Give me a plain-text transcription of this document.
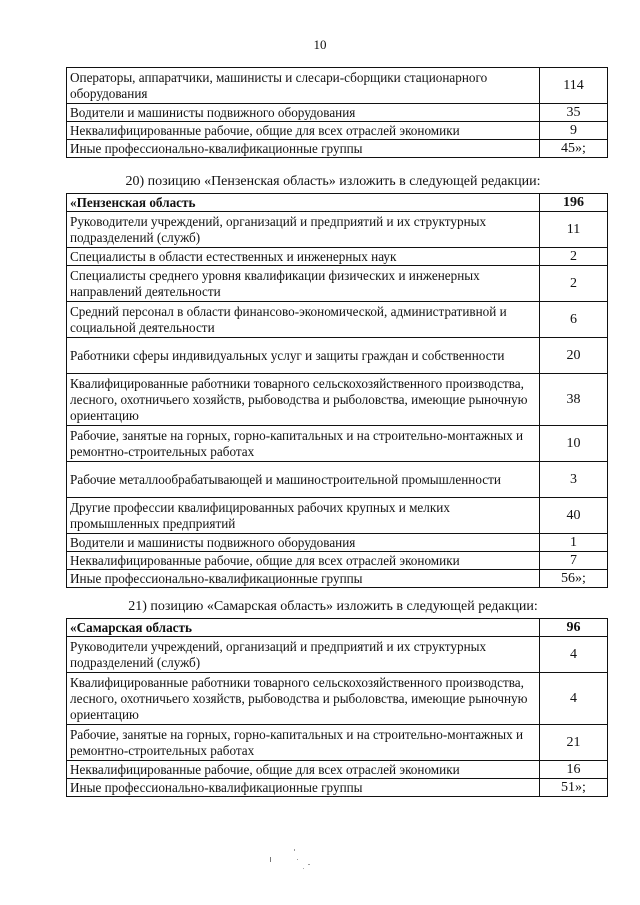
10
Операторы, аппаратчики, машинисты и слесари-сборщики стационарного оборудования	114
Водители и машинисты подвижного оборудования	35
Неквалифицированные рабочие, общие для всех отраслей экономики	9
Иные профессионально-квалификационные группы	45»;
20) позицию «Пензенская область» изложить в следующей редакции:
«Пензенская область	196
Руководители учреждений, организаций и предприятий и их структурных подразделений (служб)	11
Специалисты в области естественных и инженерных наук	2
Специалисты среднего уровня квалификации физических и инженерных направлений деятельности	2
Средний персонал в области финансово-экономической, административной и социальной деятельности	6
Работники сферы индивидуальных услуг и защиты граждан и собственности	20
Квалифицированные работники товарного сельскохозяйственного производства, лесного, охотничьего хозяйств, рыбоводства и рыболовства, имеющие рыночную ориентацию	38
Рабочие, занятые на горных, горно-капитальных и на строительно-монтажных и ремонтно-строительных работах	10
Рабочие металлообрабатывающей и машиностроительной промышленности	3
Другие профессии квалифицированных рабочих крупных и мелких промышленных предприятий	40
Водители и машинисты подвижного оборудования	1
Неквалифицированные рабочие, общие для всех отраслей экономики	7
Иные профессионально-квалификационные группы	56»;
21) позицию «Самарская область» изложить в следующей редакции:
«Самарская область	96
Руководители учреждений, организаций и предприятий и их структурных подразделений (служб)	4
Квалифицированные работники товарного сельскохозяйственного производства, лесного, охотничьего хозяйств, рыбоводства и рыболовства, имеющие рыночную ориентацию	4
Рабочие, занятые на горных, горно-капитальных и на строительно-монтажных и ремонтно-строительных работах	21
Неквалифицированные рабочие, общие для всех отраслей экономики	16
Иные профессионально-квалификационные группы	51»;
